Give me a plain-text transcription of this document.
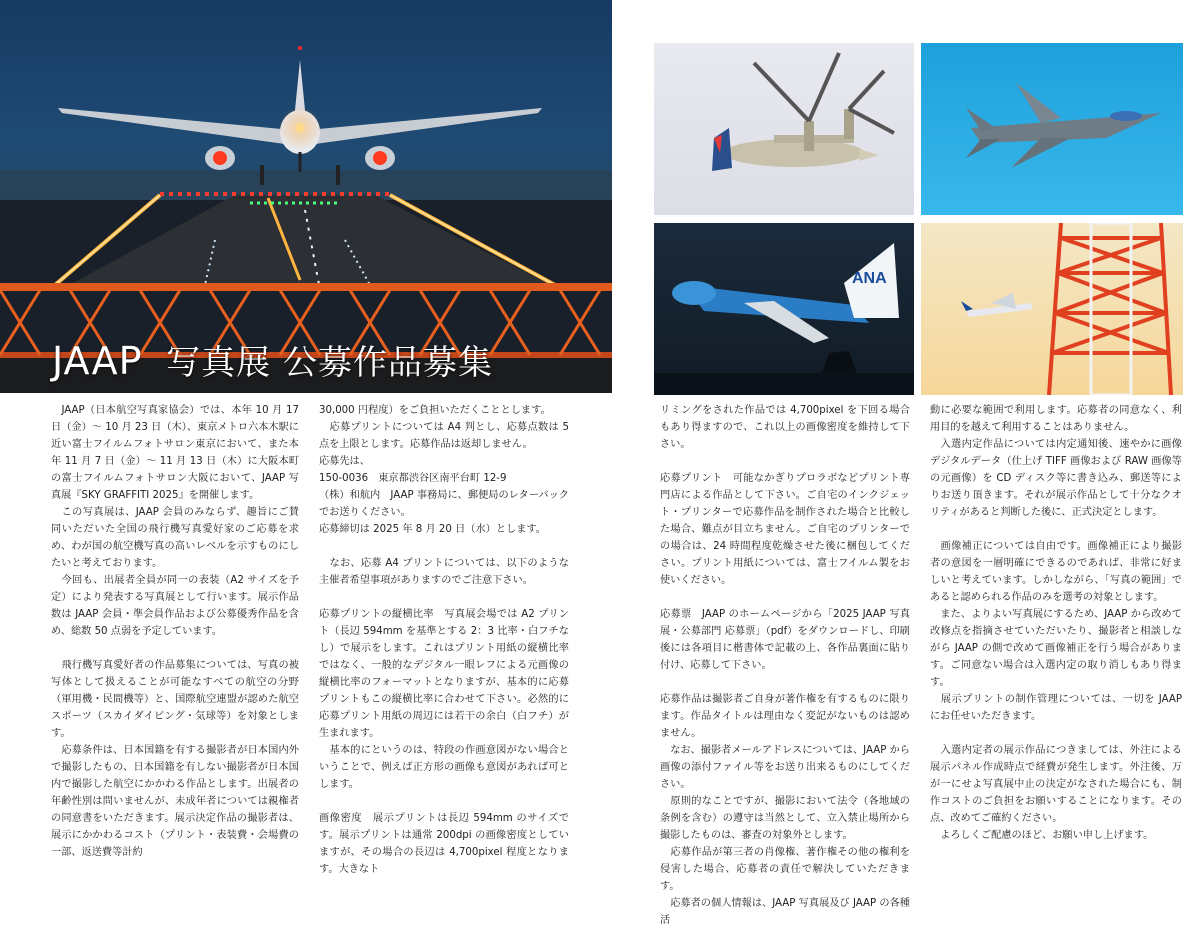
JAAP 写真展 公募作品募集
ANA

　JAAP（日本航空写真家協会）では、本年 10 月 17 日（金）〜 10 月 23 日（木）、東京メトロ六本木駅に近い富士フイルムフォトサロン東京において、また本年 11 月 7 日（金）〜 11 月 13 日（木）に大阪本町の富士フイルムフォトサロン大阪において、JAAP 写真展『SKY GRAFFITI 2025』を開催します。

　この写真展は、JAAP 会員のみならず、趣旨にご賛同いただいた全国の飛行機写真愛好家のご応募を求め、わが国の航空機写真の高いレベルを示すものにしたいと考えております。

　今回も、出展者全員が同一の表装（A2 サイズを予定）により発表する写真展として行います。展示作品数は JAAP 会員・準会員作品および公募優秀作品を含め、総数 50 点弱を予定しています。

　飛行機写真愛好者の作品募集については、写真の被写体として扱えることが可能なすべての航空の分野（軍用機・民間機等）と、国際航空連盟が認めた航空スポーツ（スカイダイビング・気球等）を対象とします。

　応募条件は、日本国籍を有する撮影者が日本国内外で撮影したもの、日本国籍を有しない撮影者が日本国内で撮影した航空にかかわる作品とします。出展者の年齢性別は問いませんが、未成年者については親権者の同意書をいただきます。展示決定作品の撮影者は、展示にかかわるコスト（プリント・表装費・会場費の一部、返送費等計約

30,000 円程度）をご負担いただくこととします。

　応募プリントについては A4 判とし、応募点数は 5 点を上限とします。応募作品は返却しません。

応募先は、

150-0036　東京都渋谷区南平台町 12-9

（株）和航内　JAAP 事務局に、郵便局のレターパックでお送りください。

応募締切は 2025 年 8 月 20 日（水）とします。

　なお、応募 A4 プリントについては、以下のような主催者希望事項がありますのでご注意下さい。

応募プリントの縦横比率　写真展会場では A2 プリント（長辺 594mm を基準とする 2：3 比率・白フチなし）で展示をします。これはプリント用紙の縦横比率ではなく、一般的なデジタル一眼レフによる元画像の縦横比率のフォーマットとなりますが、基本的に応募プリントもこの縦横比率に合わせて下さい。必然的に応募プリント用紙の周辺には若干の余白（白フチ）が生まれます。

　基本的にというのは、特段の作画意図がない場合ということで、例えば正方形の画像も意図があれば可とします。

画像密度　展示プリントは長辺 594mm のサイズです。展示プリントは通常 200dpi の画像密度としていますが、その場合の長辺は 4,700pixel 程度となります。大きなト

リミングをされた作品では 4,700pixel を下回る場合もあり得ますので、これ以上の画像密度を維持して下さい。

応募プリント　可能なかぎりプロラボなどプリント専門店による作品として下さい。ご自宅のインクジェット・プリンターで応募作品を制作された場合と比較した場合、難点が目立ちません。ご自宅のプリンターでの場合は、24 時間程度乾燥させた後に梱包してください。プリント用紙については、富士フイルム製をお使いください。

応募票　JAAP のホームページから「2025 JAAP 写真展・公募部門 応募票」（pdf）をダウンロードし、印刷後には各項目に楷書体で記載の上、各作品裏面に貼り付け、応募して下さい。

応募作品は撮影者ご自身が著作権を有するものに限ります。作品タイトルは理由なく変記がないものは認めません。

　なお、撮影者メールアドレスについては、JAAP から画像の添付ファイル等をお送り出来るものにしてください。

　原則的なことですが、撮影において法令（各地域の条例を含む）の遵守は当然として、立入禁止場所から撮影したものは、審査の対象外とします。

　応募作品が第三者の肖像権、著作権その他の権利を侵害した場合、応募者の責任で解決していただきます。

　応募者の個人情報は、JAAP 写真展及び JAAP の各種活

動に必要な範囲で利用します。応募者の同意なく、利用目的を越えて利用することはありません。

　入選内定作品については内定通知後、速やかに画像デジタルデータ（仕上げ TIFF 画像および RAW 画像等の元画像）を CD ディスク等に書き込み、郵送等によりお送り頂きます。それが展示作品として十分なクオリティがあると判断した後に、正式決定とします。

　画像補正については自由です。画像補正により撮影者の意図を一層明確にできるのであれば、非常に好ましいと考えています。しかしながら、「写真の範囲」であると認められる作品のみを選考の対象とします。

　また、よりよい写真展にするため、JAAP から改めて改修点を指摘させていただいたり、撮影者と相談しながら JAAP の側で改めて画像補正を行う場合があります。ご同意ない場合は入選内定の取り消しもあり得ます。

　展示プリントの制作管理については、一切を JAAP にお任せいただきます。

　入選内定者の展示作品につきましては、外注による展示パネル作成時点で経費が発生します。外注後、万が一にせよ写真展中止の決定がなされた場合にも、制作コストのご負担をお願いすることになります。その点、改めてご確約ください。

　よろしくご配慮のほど、お願い申し上げます。
